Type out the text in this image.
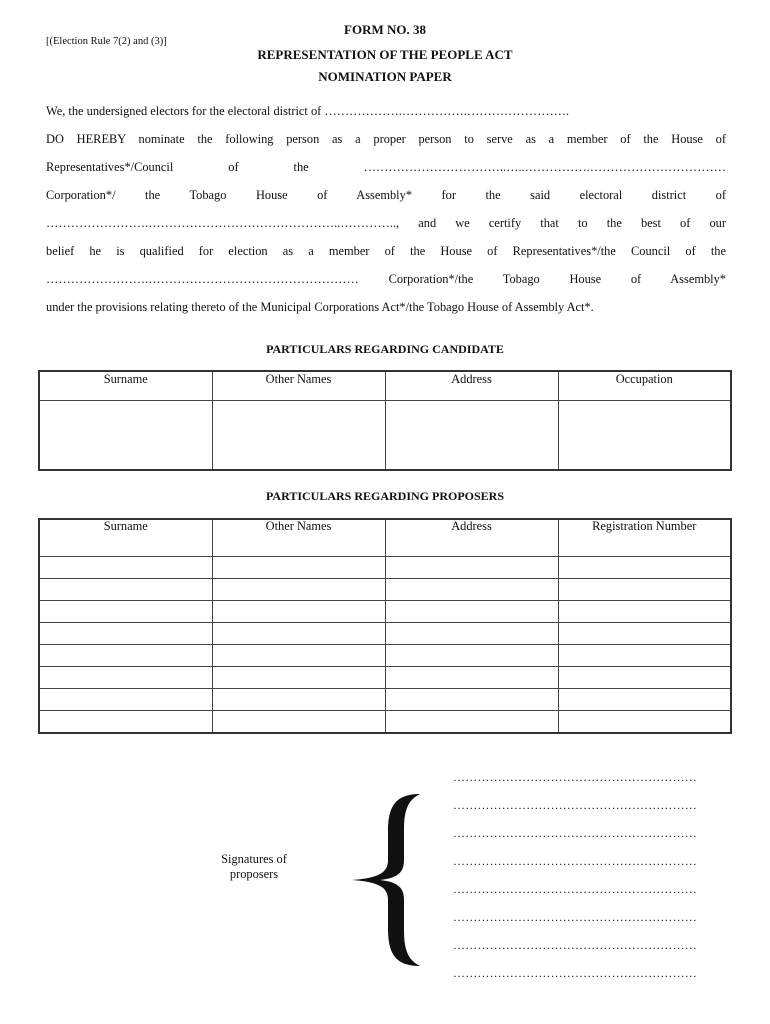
[(Election Rule 7(2) and (3)]
FORM NO. 38
REPRESENTATION OF THE PEOPLE ACT
NOMINATION PAPER
We, the undersigned electors for the electoral district of ……………….…………….…………………….
DO HEREBY nominate the following person as a proper person to serve as a member of the House of
Representatives*/Council of the ……………………………..…..…………….……………………………
Corporation*/ the Tobago House of Assembly* for the said electoral district of
…………………….………………………………………..………….., and we certify that to the best of our
belief he is qualified for election as a member of the House of Representatives*/the Council of the
…………………….…………………………………………… Corporation*/the Tobago House of Assembly*
under the provisions relating thereto of the Municipal Corporations Act*/the Tobago House of Assembly Act*.
PARTICULARS REGARDING CANDIDATE
Surname	Other Names	Address	Occupation

PARTICULARS REGARDING PROPOSERS
Surname	Other Names	Address	Registration Number

Signatures of
proposers
……………………………………………………
……………………………………………………
……………………………………………………
……………………………………………………
……………………………………………………
……………………………………………………
……………………………………………………
……………………………………………………
